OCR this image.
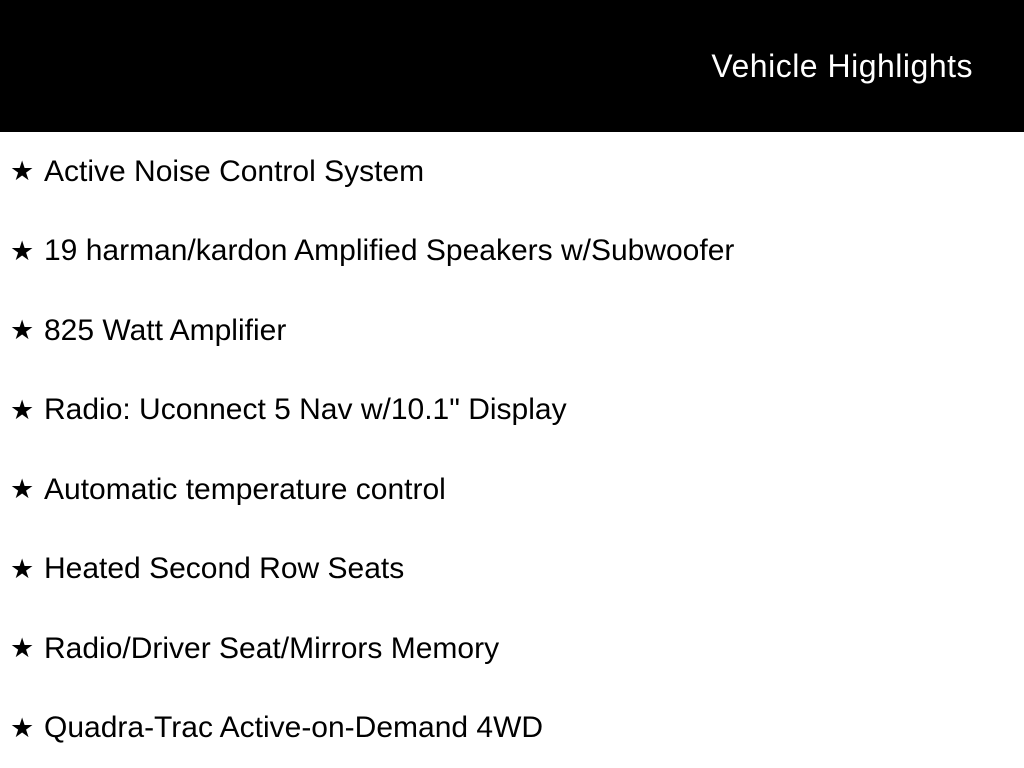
Vehicle Highlights
★ Active Noise Control System
★ 19 harman/kardon Amplified Speakers w/Subwoofer
★ 825 Watt Amplifier
★ Radio: Uconnect 5 Nav w/10.1" Display
★ Automatic temperature control
★ Heated Second Row Seats
★ Radio/Driver Seat/Mirrors Memory
★ Quadra-Trac Active-on-Demand 4WD
